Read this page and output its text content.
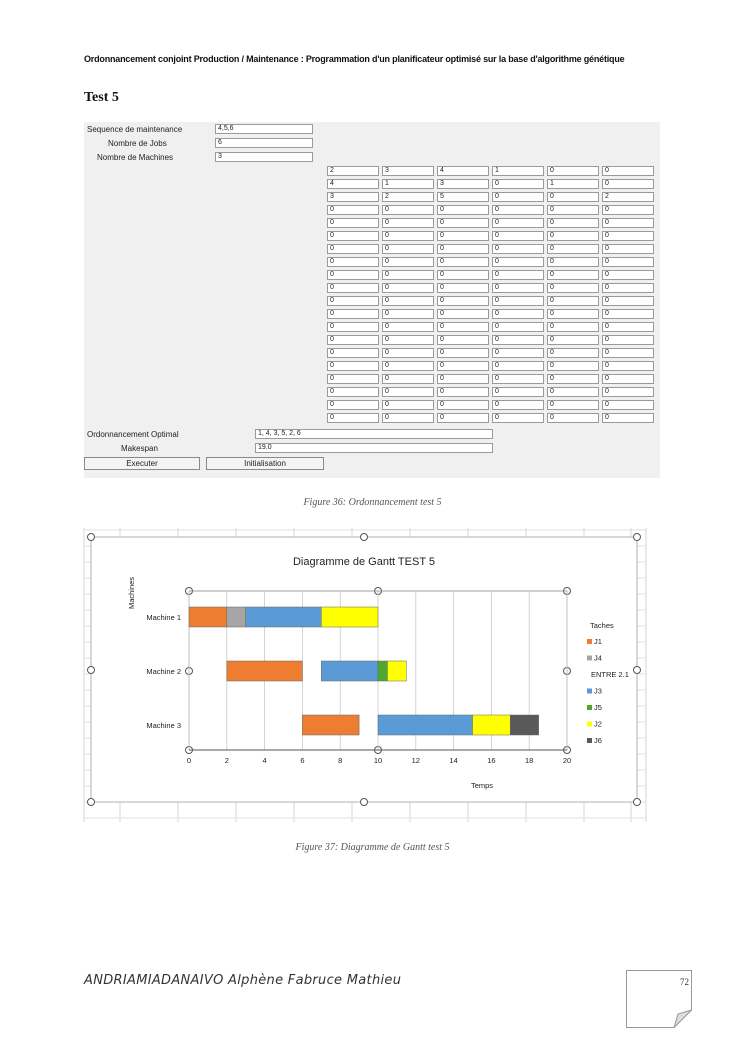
Ordonnancement conjoint Production / Maintenance : Programmation d'un planificateur optimisé sur la base d'algorithme génétique
Test 5
Sequence de maintenance	4,5,6
Nombre de Jobs	6
Nombre de Machines	3
Ordonnancement Optimal	1, 4, 3, 5, 2, 6
Makespan	19.0
Executer	Initialisation
2	3	4	1	0	0
4	1	3	0	1	0
3	2	5	0	0	2
0	0	0	0	0	0
0	0	0	0	0	0
0	0	0	0	0	0
0	0	0	0	0	0
0	0	0	0	0	0
0	0	0	0	0	0
0	0	0	0	0	0
0	0	0	0	0	0
0	0	0	0	0	0
0	0	0	0	0	0
0	0	0	0	0	0
0	0	0	0	0	0
0	0	0	0	0	0
0	0	0	0	0	0
0	0	0	0	0	0
0	0	0	0	0	0
0	0	0	0	0	0
Figure 36: Ordonnancement test 5
0	2	4	6	8	10	12	14	16	18	20
Machine 1
Machine 2
Machine 3
Taches
J1
J4
ENTRE 2.1
J3
J5
J2
J6
Diagramme de Gantt TEST 5
Machines
Temps
Figure 37: Diagramme de Gantt test 5
ANDRIAMIADANAIVO Alphène Fabruce Mathieu	72
